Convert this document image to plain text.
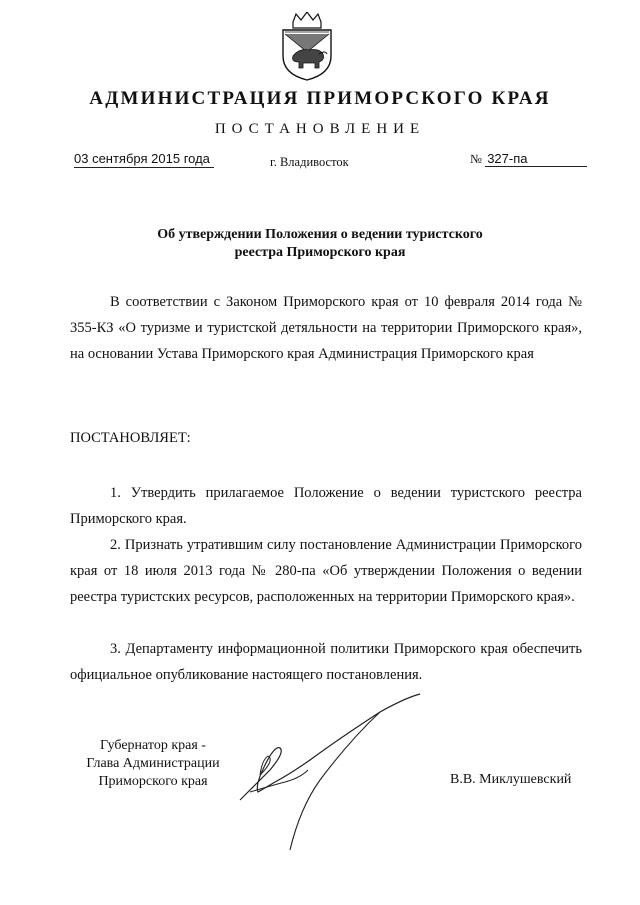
АДМИНИСТРАЦИЯ ПРИМОРСКОГО КРАЯ
ПОСТАНОВЛЕНИЕ
03 сентября 2015 года	г. Владивосток	№ 327-па
Об утверждении Положения о ведении туристского
реестра Приморского края
В соответствии с Законом Приморского края от 10 февраля 2014 года № 355-КЗ «О туризме и туристской детяльности на территории Приморского края», на основании Устава Приморского края Администрация Приморского края
ПОСТАНОВЛЯЕТ:
1. Утвердить прилагаемое Положение о ведении туристского реестра Приморского края.
2. Признать утратившим силу постановление Администрации Приморского края от 18 июля 2013 года № 280-па «Об утверждении Положения о ведении реестра туристских ресурсов, расположенных на территории Приморского края».
3. Департаменту информационной политики Приморского края обеспечить официальное опубликование настоящего постановления.
Губернатор края -
Глава Администрации
Приморского края	В.В. Миклушевский
